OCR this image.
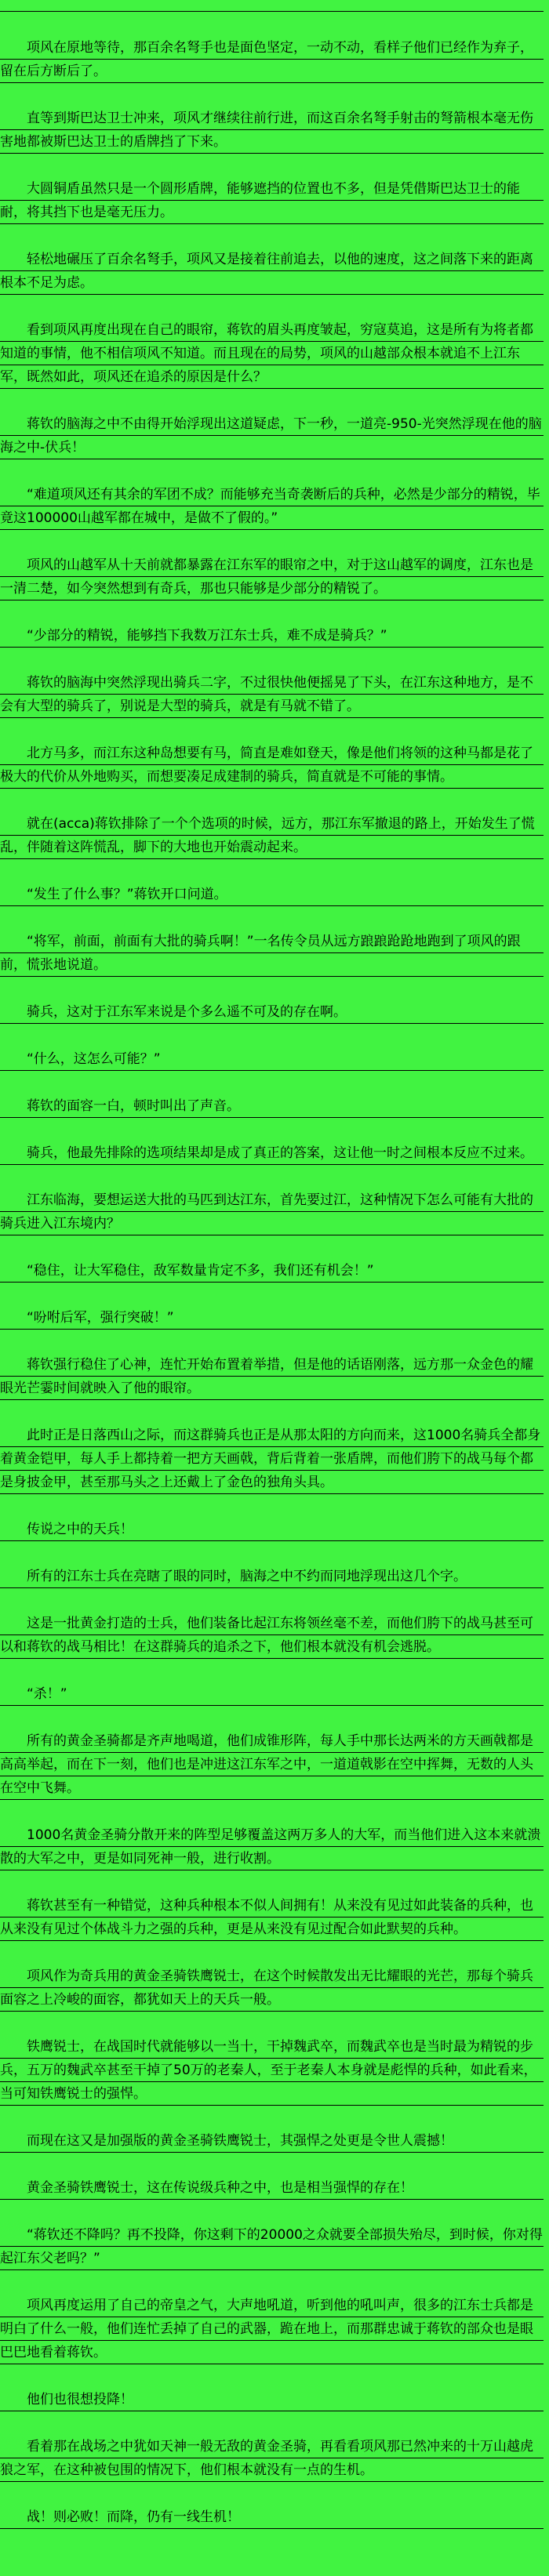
项风在原地等待，那百余名弩手也是面色坚定，一动不动，看样子他们已经作为弃子，留在后方断后了。

直等到斯巴达卫士冲来，项风才继续往前行进，而这百余名弩手射击的弩箭根本毫无伤害地都被斯巴达卫士的盾牌挡了下来。

大圆铜盾虽然只是一个圆形盾牌，能够遮挡的位置也不多，但是凭借斯巴达卫士的能耐，将其挡下也是毫无压力。

轻松地碾压了百余名弩手，项风又是接着往前追去，以他的速度，这之间落下来的距离根本不足为虑。

看到项风再度出现在自己的眼帘，蒋钦的眉头再度皱起，穷寇莫追，这是所有为将者都知道的事情，他不相信项风不知道。而且现在的局势，项风的山越部众根本就追不上江东军，既然如此，项风还在追杀的原因是什么？

蒋钦的脑海之中不由得开始浮现出这道疑虑，下一秒，一道亮-950-光突然浮现在他的脑海之中-伏兵！

“难道项风还有其余的军团不成？而能够充当奇袭断后的兵种，必然是少部分的精锐，毕竟这100000山越军都在城中，是做不了假的。”

项风的山越军从十天前就都暴露在江东军的眼帘之中，对于这山越军的调度，江东也是一清二楚，如今突然想到有奇兵，那也只能够是少部分的精锐了。

“少部分的精锐，能够挡下我数万江东士兵，难不成是骑兵？”

蒋钦的脑海中突然浮现出骑兵二字，不过很快他便摇晃了下头，在江东这种地方，是不会有大型的骑兵了，别说是大型的骑兵，就是有马就不错了。

北方马多，而江东这种岛想要有马，简直是难如登天，像是他们将领的这种马都是花了极大的代价从外地购买，而想要凑足成建制的骑兵，简直就是不可能的事情。

就在(acca)蒋钦排除了一个个选项的时候，远方，那江东军撤退的路上，开始发生了慌乱，伴随着这阵慌乱，脚下的大地也开始震动起来。

“发生了什么事？”蒋钦开口问道。

“将军，前面，前面有大批的骑兵啊！”一名传令员从远方踉踉跄跄地跑到了项风的跟前，慌张地说道。

骑兵，这对于江东军来说是个多么遥不可及的存在啊。

“什么，这怎么可能？”

蒋钦的面容一白，顿时叫出了声音。

骑兵，他最先排除的选项结果却是成了真正的答案，这让他一时之间根本反应不过来。

江东临海，要想运送大批的马匹到达江东，首先要过江，这种情况下怎么可能有大批的骑兵进入江东境内？

“稳住，让大军稳住，敌军数量肯定不多，我们还有机会！”

“吩咐后军，强行突破！”

蒋钦强行稳住了心神，连忙开始布置着举措，但是他的话语刚落，远方那一众金色的耀眼光芒霎时间就映入了他的眼帘。

此时正是日落西山之际，而这群骑兵也正是从那太阳的方向而来，这1000名骑兵全都身着黄金铠甲，每人手上都持着一把方天画戟，背后背着一张盾牌，而他们胯下的战马每个都是身披金甲，甚至那马头之上还戴上了金色的独角头具。

传说之中的天兵！

所有的江东士兵在亮瞎了眼的同时，脑海之中不约而同地浮现出这几个字。

这是一批黄金打造的士兵，他们装备比起江东将领丝毫不差，而他们胯下的战马甚至可以和蒋钦的战马相比！在这群骑兵的追杀之下，他们根本就没有机会逃脱。

“杀！”

所有的黄金圣骑都是齐声地喝道，他们成锥形阵，每人手中那长达两米的方天画戟都是高高举起，而在下一刻，他们也是冲进这江东军之中，一道道戟影在空中挥舞，无数的人头在空中飞舞。

1000名黄金圣骑分散开来的阵型足够覆盖这两万多人的大军，而当他们进入这本来就溃散的大军之中，更是如同死神一般，进行收割。

蒋钦甚至有一种错觉，这种兵种根本不似人间拥有！从来没有见过如此装备的兵种，也从来没有见过个体战斗力之强的兵种，更是从来没有见过配合如此默契的兵种。

项风作为奇兵用的黄金圣骑铁鹰锐士，在这个时候散发出无比耀眼的光芒，那每个骑兵面容之上冷峻的面容，都犹如天上的天兵一般。

铁鹰锐士，在战国时代就能够以一当十，干掉魏武卒，而魏武卒也是当时最为精锐的步兵，五万的魏武卒甚至干掉了50万的老秦人，至于老秦人本身就是彪悍的兵种，如此看来，当可知铁鹰锐士的强悍。

而现在这又是加强版的黄金圣骑铁鹰锐士，其强悍之处更是令世人震撼！

黄金圣骑铁鹰锐士，这在传说级兵种之中，也是相当强悍的存在！

“蒋钦还不降吗？再不投降，你这剩下的20000之众就要全部损失殆尽，到时候，你对得起江东父老吗？”

项风再度运用了自己的帝皇之气，大声地吼道，听到他的吼叫声，很多的江东士兵都是明白了什么一般，他们连忙丢掉了自己的武器，跪在地上，而那群忠诚于蒋钦的部众也是眼巴巴地看着蒋钦。

他们也很想投降！

看着那在战场之中犹如天神一般无敌的黄金圣骑，再看看项风那已然冲来的十万山越虎狼之军，在这种被包围的情况下，他们根本就没有一点的生机。

战！则必败！而降，仍有一线生机！
